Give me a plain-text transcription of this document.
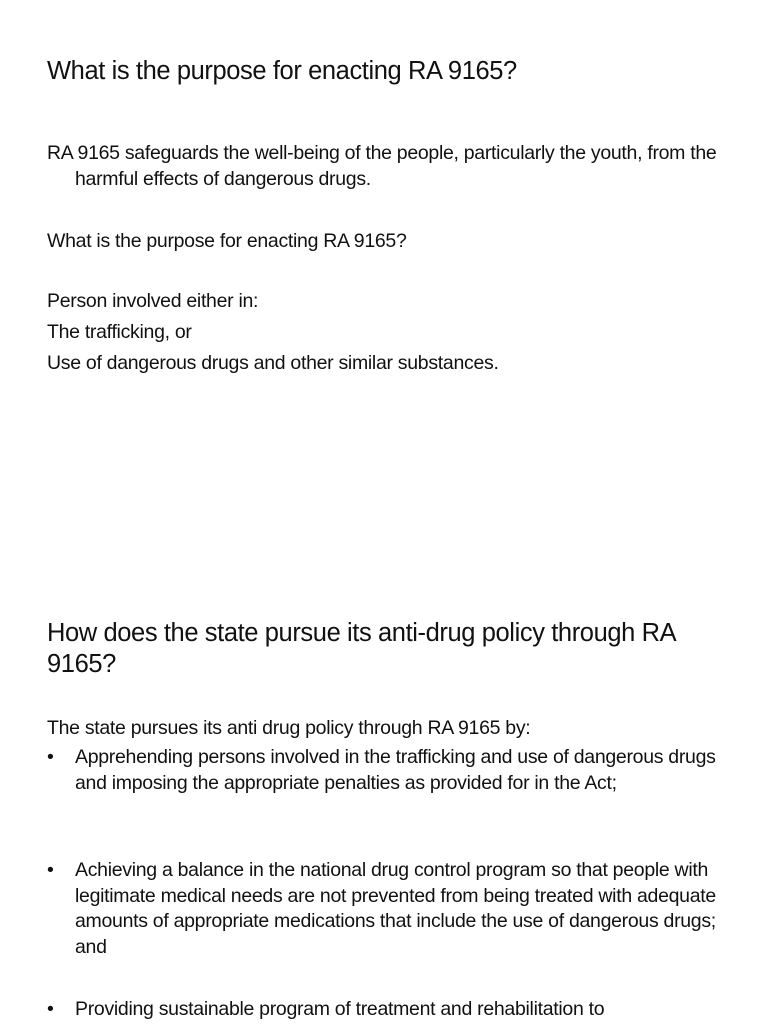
What is the purpose for enacting RA 9165?

RA 9165 safeguards the well-being of the people, particularly the youth, from the harmful effects of dangerous drugs.

What is the purpose for enacting RA 9165?

Person involved either in:

The trafficking, or

Use of dangerous drugs and other similar substances.

How does the state pursue its anti-drug policy through RA
9165?

The state pursues its anti drug policy through RA 9165 by:

•	Apprehending persons involved in the trafficking and use of dangerous drugs and imposing the appropriate penalties as provided for in the Act;
•	Achieving a balance in the national drug control program so that people with legitimate medical needs are not prevented from being treated with adequate amounts of appropriate medications that include the use of dangerous drugs; and
•	Providing sustainable program of treatment and rehabilitation to
